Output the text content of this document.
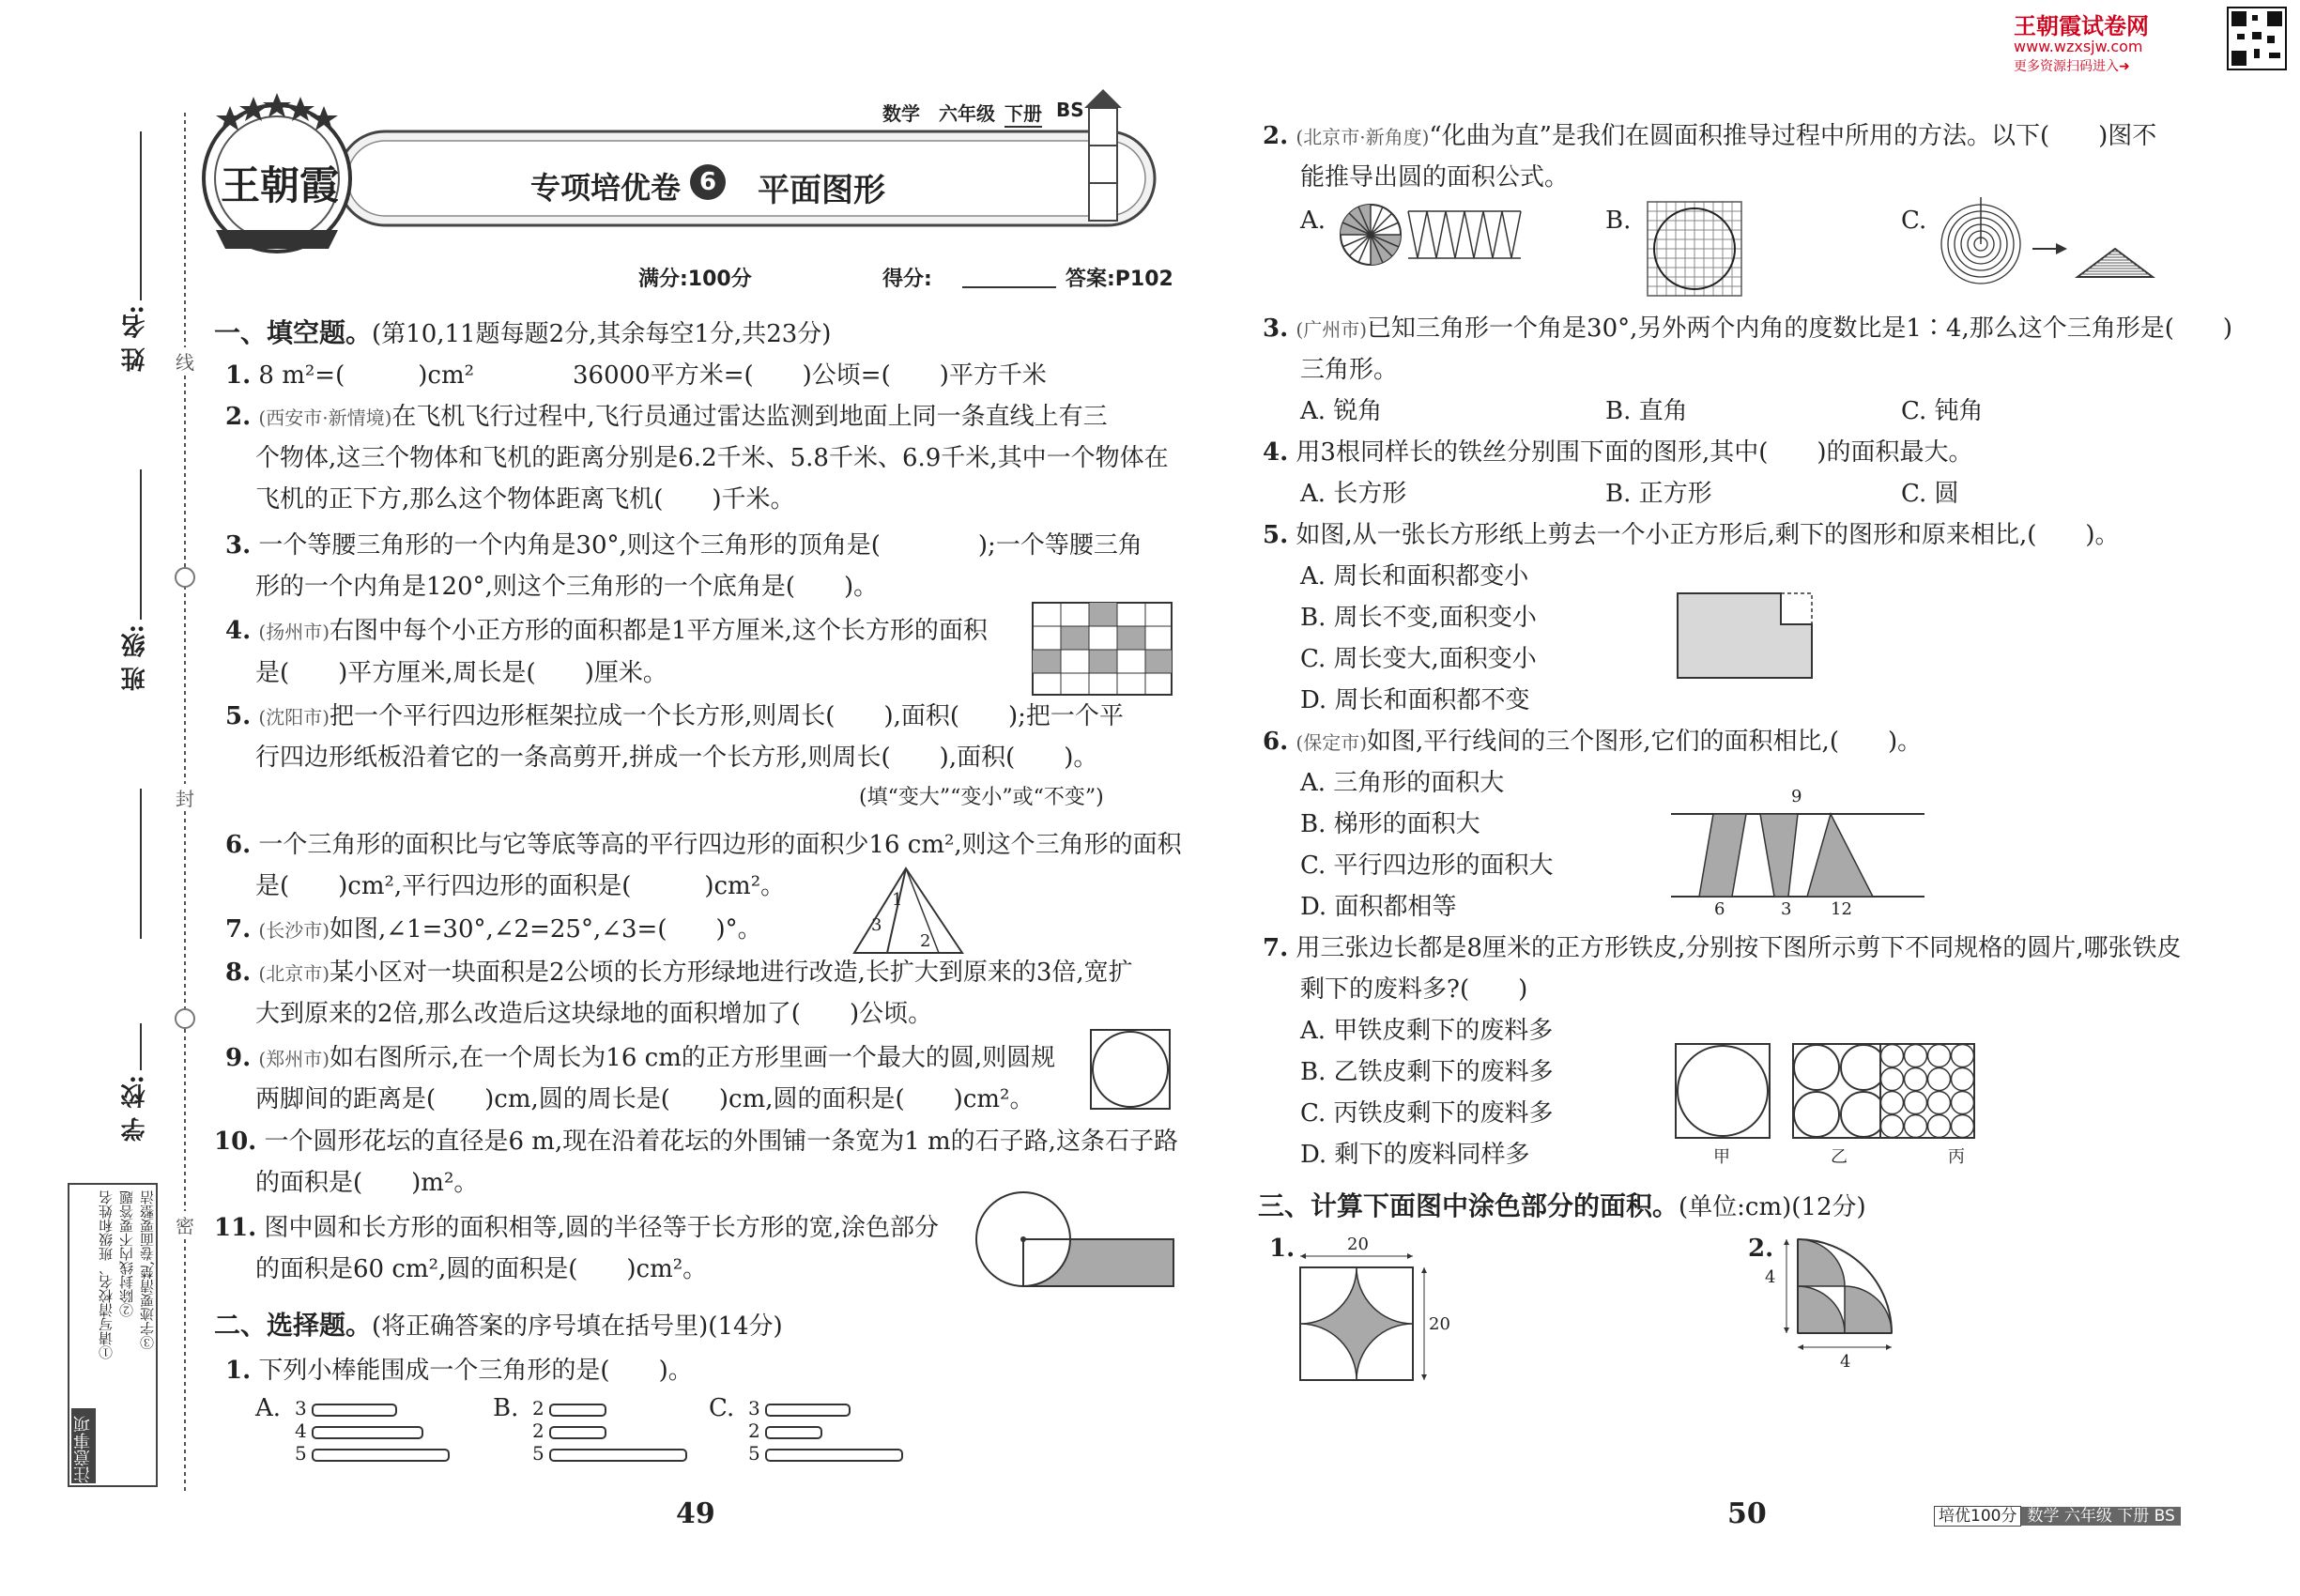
姓 名:
班 级:
学 校:
线
封
密
注意事项
①请写清校名、班级和姓名 ②除封线内不要答题 ③字迹要清楚,卷面要整洁
王朝霞
数学 六年级 下册 BS
专项培优卷 6 平面图形
满分:100分	得分:	答案:P102
一、填空题。(第10,11题每题2分,其余每空1分,共23分)
1. 8 m²=(　　　)cm²	36000平方米=(　　)公顷=(　　)平方千米
2. (西安市·新情境)在飞机飞行过程中,飞行员通过雷达监测到地面上同一条直线上有三
个物体,这三个物体和飞机的距离分别是6.2千米、5.8千米、6.9千米,其中一个物体在
飞机的正下方,那么这个物体距离飞机(　　)千米。
3. 一个等腰三角形的一个内角是30°,则这个三角形的顶角是(　　　　);一个等腰三角
形的一个内角是120°,则这个三角形的一个底角是(　　)。
4. (扬州市)右图中每个小正方形的面积都是1平方厘米,这个长方形的面积
是(　　)平方厘米,周长是(　　)厘米。
5. (沈阳市)把一个平行四边形框架拉成一个长方形,则周长(　　),面积(　　);把一个平
行四边形纸板沿着它的一条高剪开,拼成一个长方形,则周长(　　),面积(　　)。
(填“变大”“变小”或“不变”)
6. 一个三角形的面积比与它等底等高的平行四边形的面积少16 cm²,则这个三角形的面积
是(　　)cm²,平行四边形的面积是(　　　)cm²。
7. (长沙市)如图,∠1=30°,∠2=25°,∠3=(　　)°。
1
3
2
8. (北京市)某小区对一块面积是2公顷的长方形绿地进行改造,长扩大到原来的3倍,宽扩
大到原来的2倍,那么改造后这块绿地的面积增加了(　　)公顷。
9. (郑州市)如右图所示,在一个周长为16 cm的正方形里画一个最大的圆,则圆规
两脚间的距离是(　　)cm,圆的周长是(　　)cm,圆的面积是(　　)cm²。
10. 一个圆形花坛的直径是6 m,现在沿着花坛的外围铺一条宽为1 m的石子路,这条石子路
的面积是(　　)m²。
11. 图中圆和长方形的面积相等,圆的半径等于长方形的宽,涂色部分
的面积是60 cm²,圆的面积是(　　)cm²。
二、选择题。(将正确答案的序号填在括号里)(14分)
1. 下列小棒能围成一个三角形的是(　　)。
A. 3
4
5
B. 2
2
5
C. 3
2
5
49
王朝霞试卷网
www.wzxsjw.com
更多资源扫码进入➜
2. (北京市·新角度)“化曲为直”是我们在圆面积推导过程中所用的方法。以下(　　)图不
能推导出圆的面积公式。
A.	B.	C.
3. (广州市)已知三角形一个角是30°,另外两个内角的度数比是1∶4,那么这个三角形是(　　)
三角形。
A. 锐角	B. 直角	C. 钝角
4. 用3根同样长的铁丝分别围下面的图形,其中(　　)的面积最大。
A. 长方形	B. 正方形	C. 圆
5. 如图,从一张长方形纸上剪去一个小正方形后,剩下的图形和原来相比,(　　)。
A. 周长和面积都变小
B. 周长不变,面积变小
C. 周长变大,面积变小
D. 周长和面积都不变
6. (保定市)如图,平行线间的三个图形,它们的面积相比,(　　)。
A. 三角形的面积大
B. 梯形的面积大
C. 平行四边形的面积大
D. 面积都相等
9
6	3 12
7. 用三张边长都是8厘米的正方形铁皮,分别按下图所示剪下不同规格的圆片,哪张铁皮
剩下的废料多?(　　)
A. 甲铁皮剩下的废料多
B. 乙铁皮剩下的废料多
C. 丙铁皮剩下的废料多
D. 剩下的废料同样多	甲	乙	丙
三、计算下面图中涂色部分的面积。(单位:cm)(12分)
1.	20
20
2.
4
4
50	培优100分 数学 六年级 下册 BS
